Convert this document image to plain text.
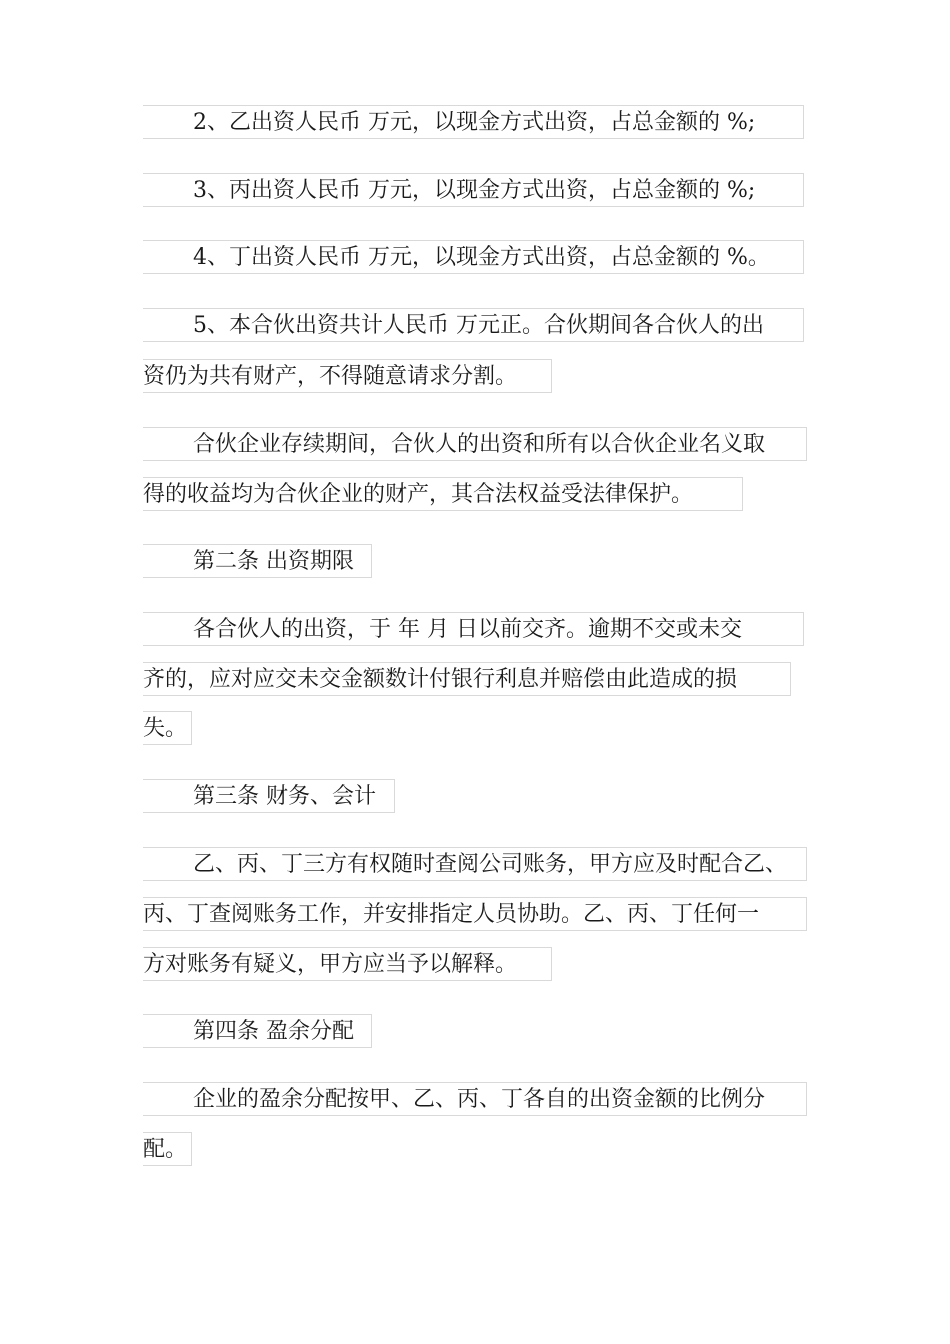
2、乙出资人民币 万元，以现金方式出资，占总金额的 %;
3、丙出资人民币 万元，以现金方式出资，占总金额的 %;
4、丁出资人民币 万元，以现金方式出资，占总金额的 %。
5、本合伙出资共计人民币 万元正。合伙期间各合伙人的出
资仍为共有财产，不得随意请求分割。
合伙企业存续期间，合伙人的出资和所有以合伙企业名义取
得的收益均为合伙企业的财产，其合法权益受法律保护。
第二条 出资期限
各合伙人的出资，于 年 月 日以前交齐。逾期不交或未交
齐的，应对应交未交金额数计付银行利息并赔偿由此造成的损
失。
第三条 财务、会计
乙、丙、丁三方有权随时查阅公司账务，甲方应及时配合乙、
丙、丁查阅账务工作，并安排指定人员协助。乙、丙、丁任何一
方对账务有疑义，甲方应当予以解释。
第四条 盈余分配
企业的盈余分配按甲、乙、丙、丁各自的出资金额的比例分
配。
